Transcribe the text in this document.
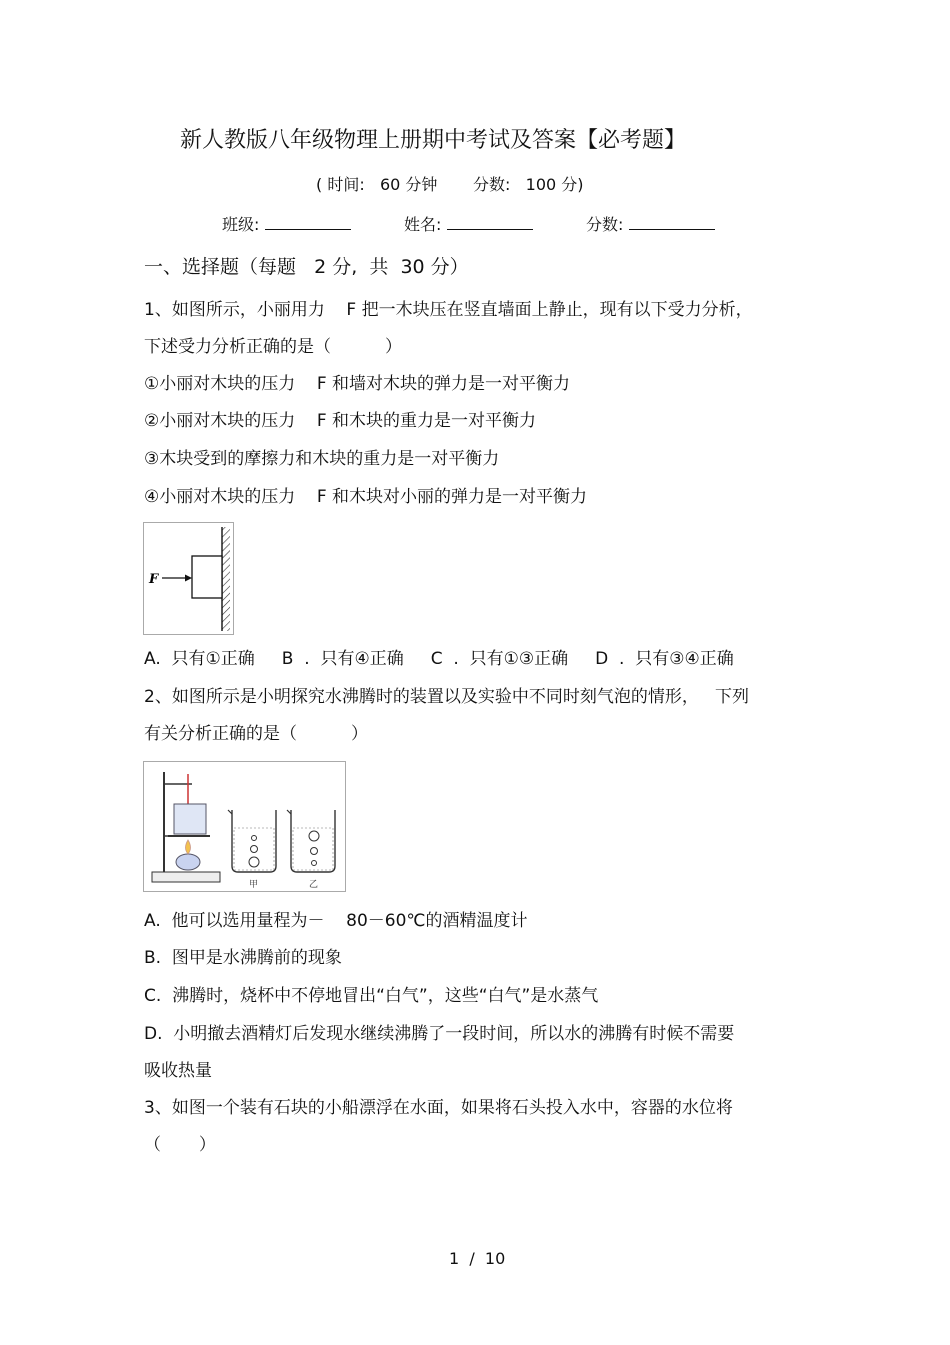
新人教版八年级物理上册期中考试及答案【必考题】
( 时间:   60 分钟       分数:   100 分)
班级:	姓名:	分数:
一、选择题（每题   2 分,  共  30 分）
1、如图所示，小丽用力    F 把一木块压在竖直墙面上静止，现有以下受力分析，
下述受力分析正确的是（          ）
①小丽对木块的压力    F 和墙对木块的弹力是一对平衡力
②小丽对木块的压力    F 和木块的重力是一对平衡力
③木块受到的摩擦力和木块的重力是一对平衡力
④小丽对木块的压力    F 和木块对小丽的弹力是一对平衡力
F
A.  只有①正确     B  .  只有④正确     C  .  只有①③正确     D  .  只有③④正确
2、如图所示是小明探究水沸腾时的装置以及实验中不同时刻气泡的情形，   下列
有关分析正确的是（          ）
甲	乙
A.  他可以选用量程为－    80－60℃的酒精温度计
B.  图甲是水沸腾前的现象
C.  沸腾时，烧杯中不停地冒出“白气”，这些“白气”是水蒸气
D.  小明撤去酒精灯后发现水继续沸腾了一段时间，所以水的沸腾有时候不需要
吸收热量
3、如图一个装有石块的小船漂浮在水面，如果将石头投入水中，容器的水位将
（       ）
1  /  10
